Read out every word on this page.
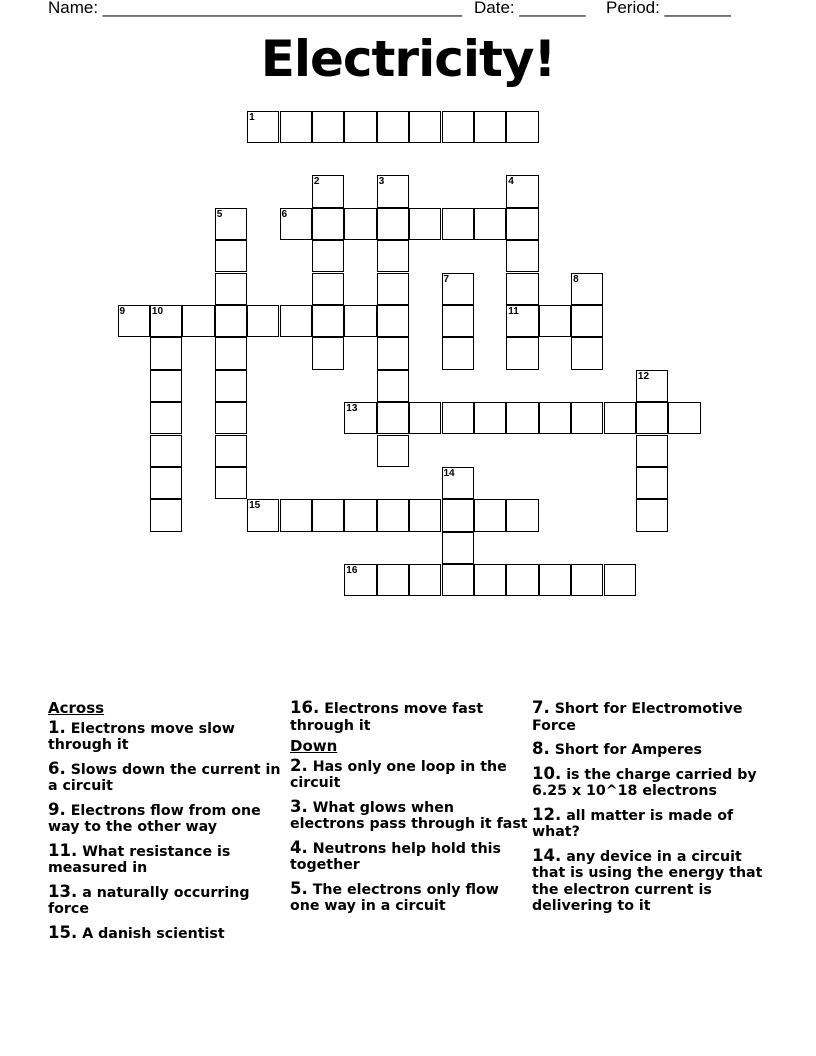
Name: ______________________________________ Date: _______ Period: _______
Electricity!
1
6
9	10	11
13
15
16
2	3	4
5
7	8
12
14
Across
1. Electrons move slow through it
6. Slows down the current in a circuit
9. Electrons flow from one way to the other way
11. What resistance is measured in
13. a naturally occurring force
15. A danish scientist
16. Electrons move fast through it
Down
2. Has only one loop in the circuit
3. What glows when electrons pass through it fast
4. Neutrons help hold this together
5. The electrons only flow one way in a circuit
7. Short for Electromotive Force
8. Short for Amperes
10. is the charge carried by 6.25 x 10^18 electrons
12. all matter is made of what?
14. any device in a circuit that is using the energy that the electron current is delivering to it
